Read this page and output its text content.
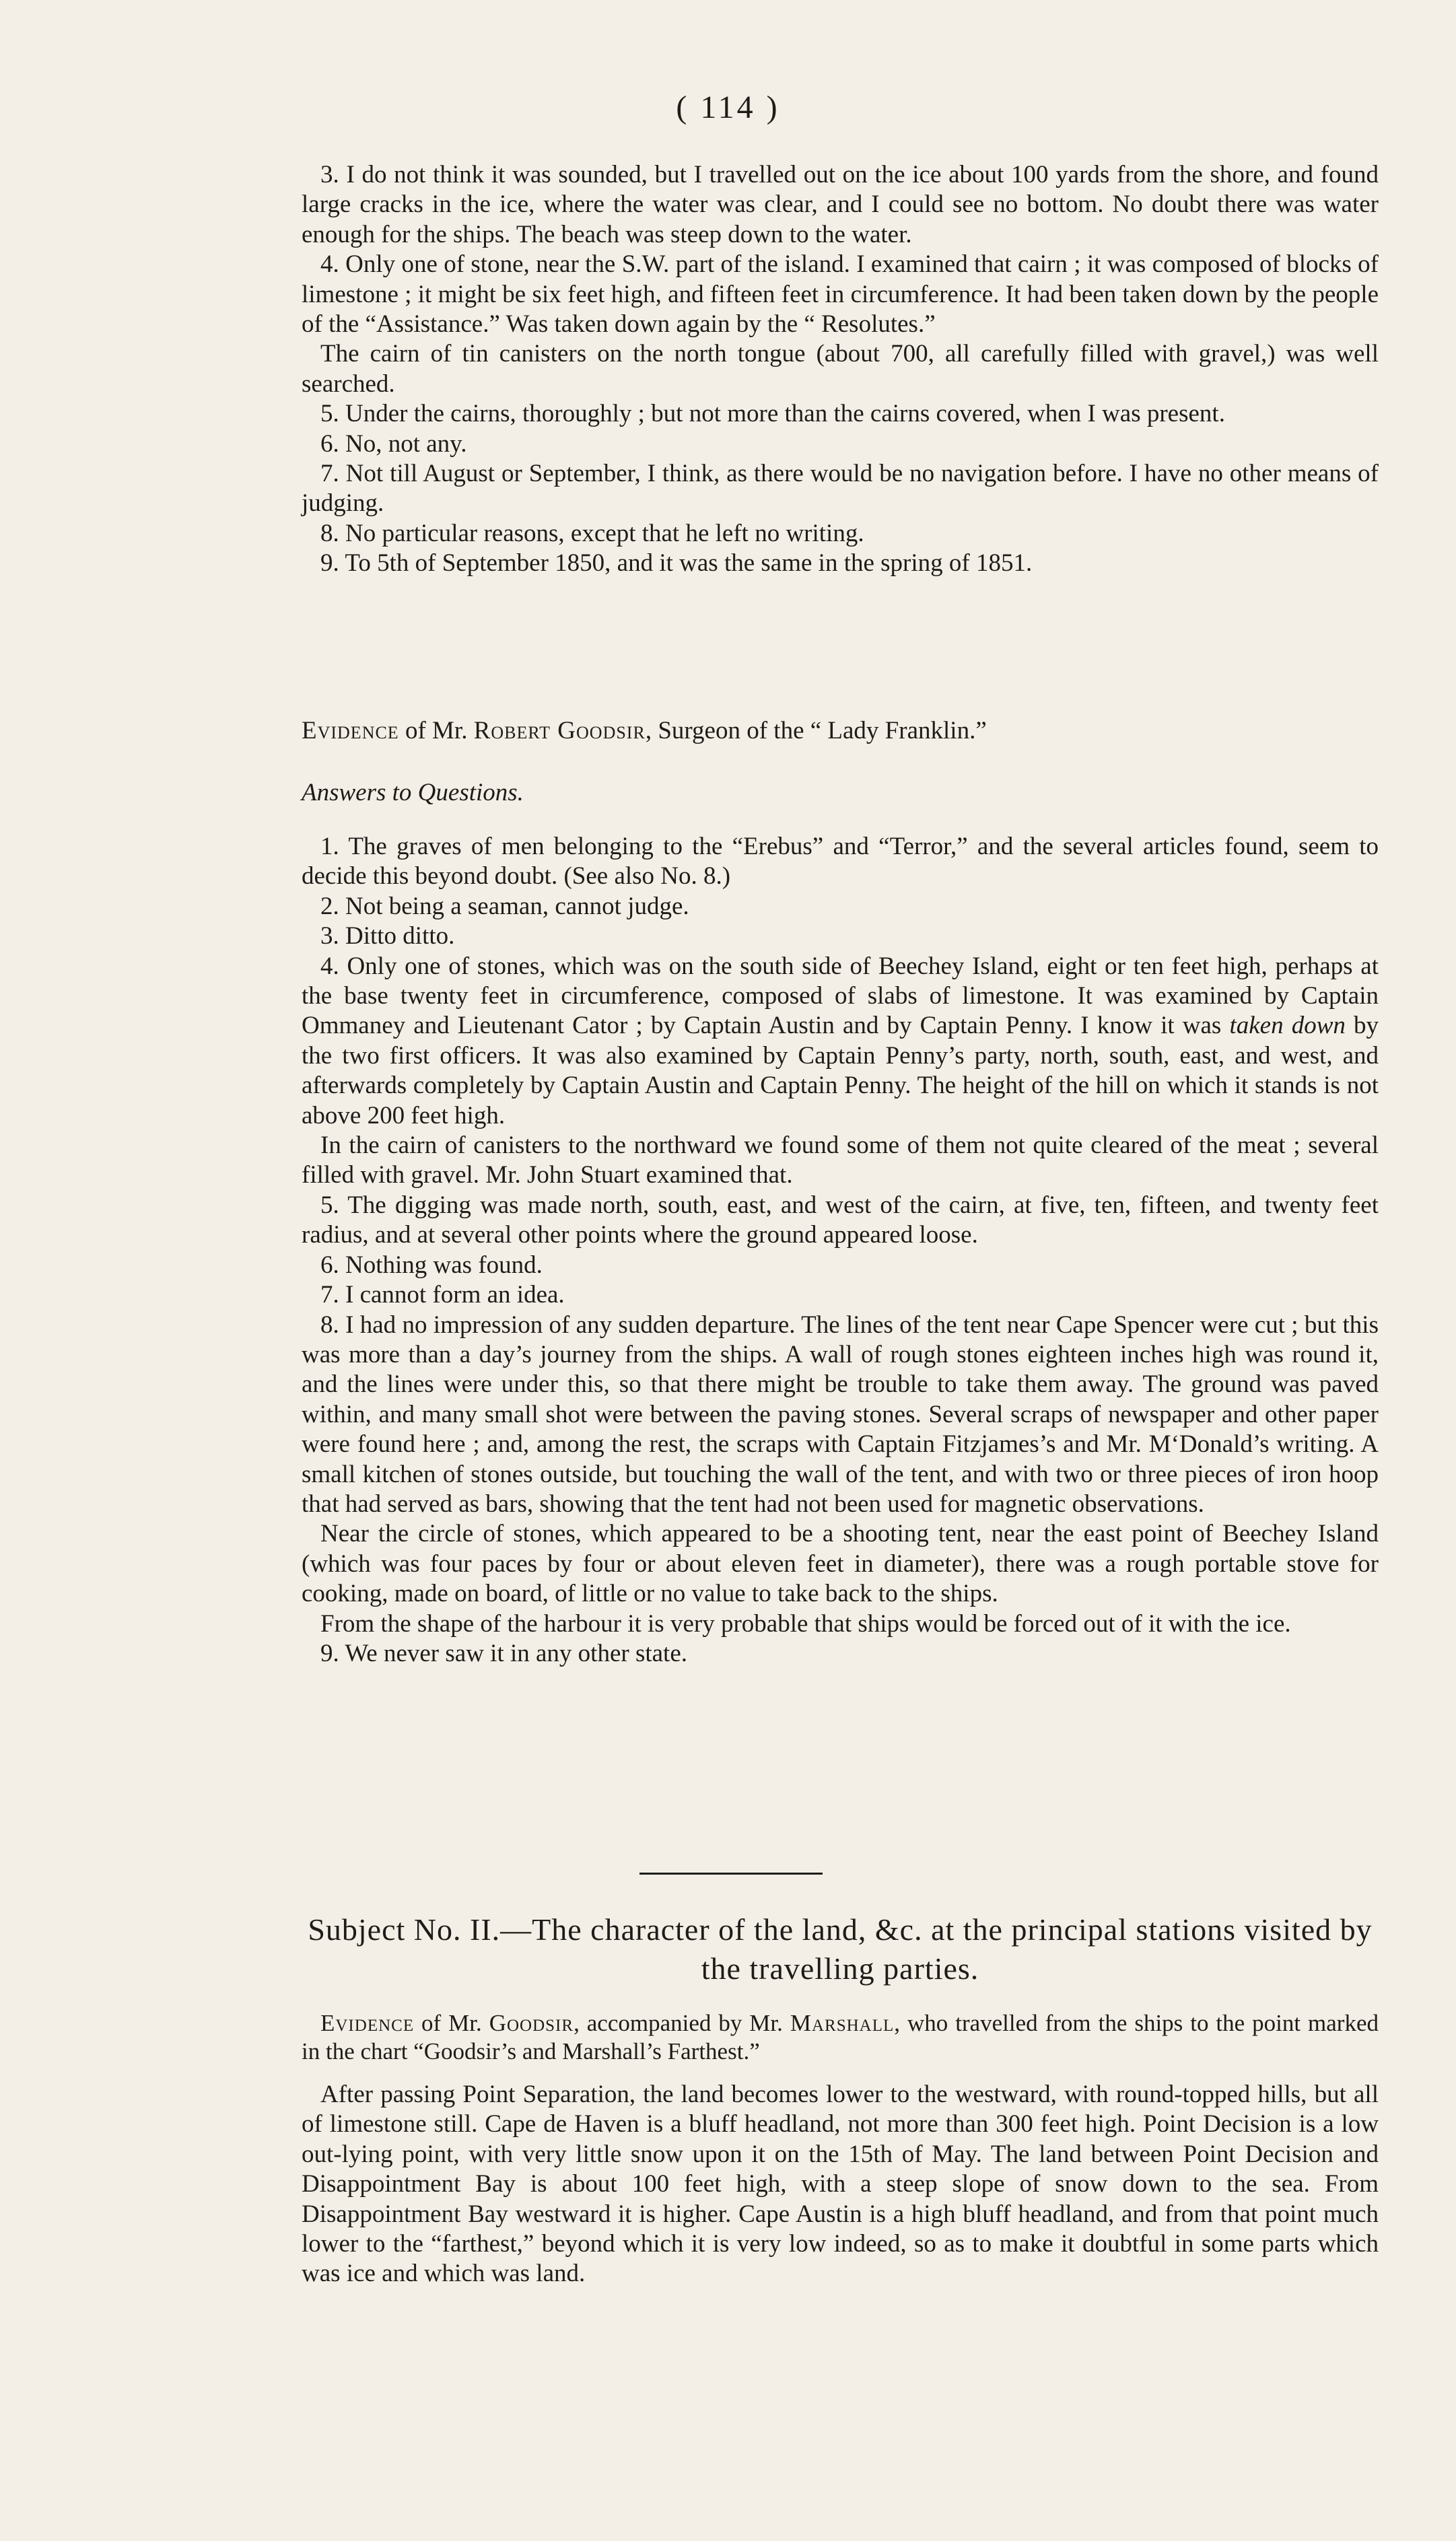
( 114 )

3. I do not think it was sounded, but I travelled out on the ice about 100 yards from the shore, and found large cracks in the ice, where the water was clear, and I could see no bottom. No doubt there was water enough for the ships. The beach was steep down to the water.

4. Only one of stone, near the S.W. part of the island. I examined that cairn ; it was composed of blocks of limestone ; it might be six feet high, and fifteen feet in circumference. It had been taken down by the people of the “Assistance.” Was taken down again by the “ Resolutes.”

The cairn of tin canisters on the north tongue (about 700, all carefully filled with gravel,) was well searched.

5. Under the cairns, thoroughly ; but not more than the cairns covered, when I was present.

6. No, not any.

7. Not till August or September, I think, as there would be no navigation before. I have no other means of judging.

8. No particular reasons, except that he left no writing.

9. To 5th of September 1850, and it was the same in the spring of 1851.

Evidence of Mr. Robert Goodsir, Surgeon of the “ Lady Franklin.”

Answers to Questions.

1. The graves of men belonging to the “Erebus” and “Terror,” and the several articles found, seem to decide this beyond doubt. (See also No. 8.)

2. Not being a seaman, cannot judge.

3. Ditto ditto.

4. Only one of stones, which was on the south side of Beechey Island, eight or ten feet high, perhaps at the base twenty feet in circumference, composed of slabs of limestone. It was examined by Captain Ommaney and Lieutenant Cator ; by Captain Austin and by Captain Penny. I know it was taken down by the two first officers. It was also examined by Captain Penny’s party, north, south, east, and west, and afterwards completely by Captain Austin and Captain Penny. The height of the hill on which it stands is not above 200 feet high.

In the cairn of canisters to the northward we found some of them not quite cleared of the meat ; several filled with gravel. Mr. John Stuart examined that.

5. The digging was made north, south, east, and west of the cairn, at five, ten, fifteen, and twenty feet radius, and at several other points where the ground appeared loose.

6. Nothing was found.

7. I cannot form an idea.

8. I had no impression of any sudden departure. The lines of the tent near Cape Spencer were cut ; but this was more than a day’s journey from the ships. A wall of rough stones eighteen inches high was round it, and the lines were under this, so that there might be trouble to take them away. The ground was paved within, and many small shot were between the paving stones. Several scraps of newspaper and other paper were found here ; and, among the rest, the scraps with Captain Fitzjames’s and Mr. M‘Donald’s writing. A small kitchen of stones outside, but touching the wall of the tent, and with two or three pieces of iron hoop that had served as bars, showing that the tent had not been used for magnetic observations.

Near the circle of stones, which appeared to be a shooting tent, near the east point of Beechey Island (which was four paces by four or about eleven feet in diameter), there was a rough portable stove for cooking, made on board, of little or no value to take back to the ships.

From the shape of the harbour it is very probable that ships would be forced out of it with the ice.

9. We never saw it in any other state.

Subject No. II.—The character of the land, &c. at the principal stations visited by the travelling parties.

Evidence of Mr. Goodsir, accompanied by Mr. Marshall, who travelled from the ships to the point marked in the chart “Goodsir’s and Marshall’s Farthest.”

After passing Point Separation, the land becomes lower to the westward, with round-topped hills, but all of limestone still. Cape de Haven is a bluff headland, not more than 300 feet high. Point Decision is a low out-lying point, with very little snow upon it on the 15th of May. The land between Point Decision and Disappointment Bay is about 100 feet high, with a steep slope of snow down to the sea. From Disappointment Bay westward it is higher. Cape Austin is a high bluff headland, and from that point much lower to the “farthest,” beyond which it is very low indeed, so as to make it doubtful in some parts which was ice and which was land.
